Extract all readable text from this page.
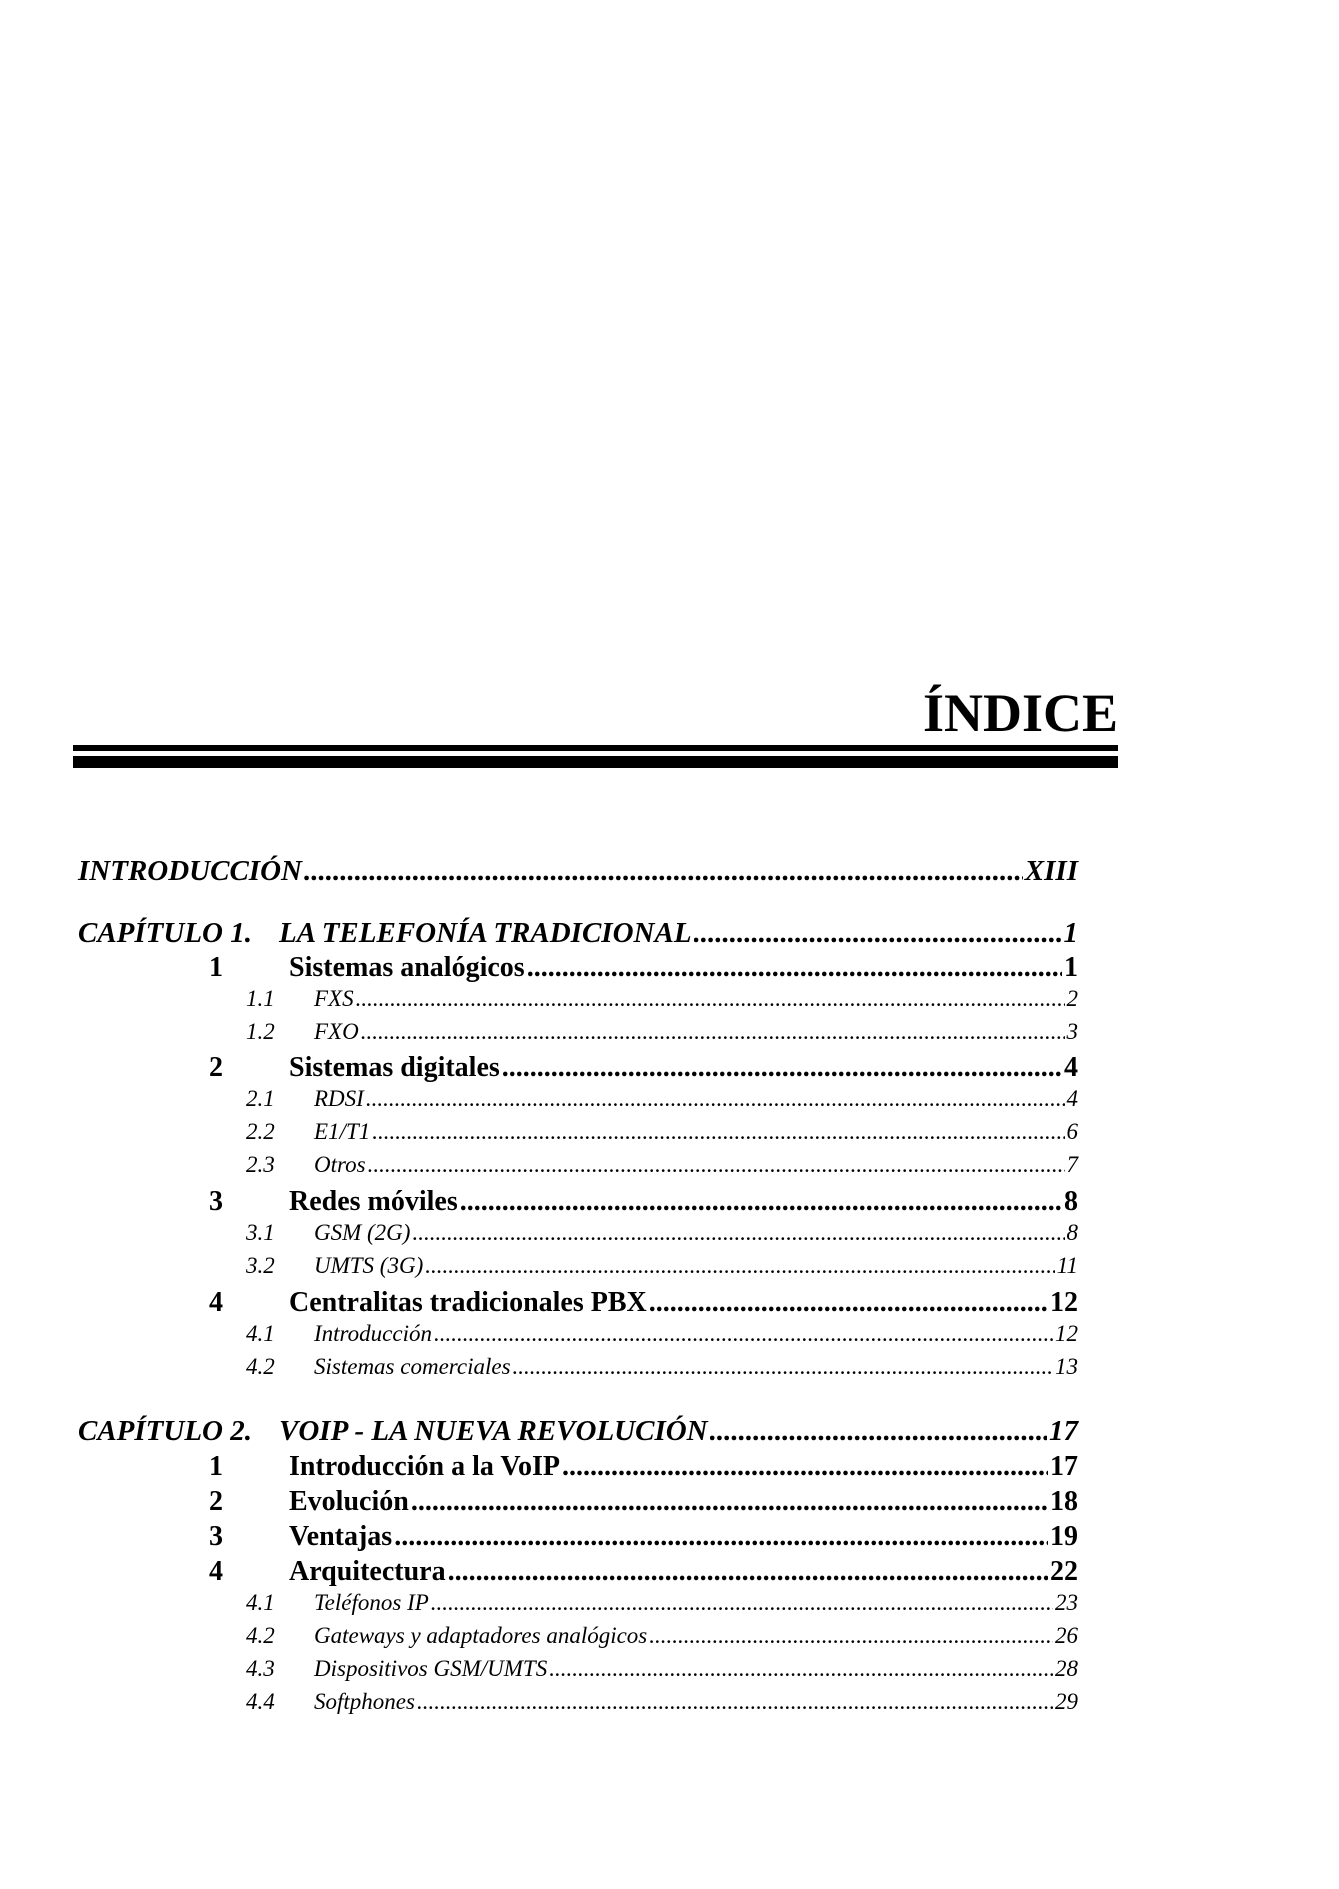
ÍNDICE
INTRODUCCIÓN .....	XIII
CAPÍTULO 1. LA TELEFONÍA TRADICIONAL .....	1
1	Sistemas analógicos .....	1
1.1	FXS .....	2
1.2	FXO .....	3
2	Sistemas digitales .....	4
2.1	RDSI .....	4
2.2	E1/T1 .....	6
2.3	Otros .....	7
3	Redes móviles .....	8
3.1	GSM (2G) .....	8
3.2	UMTS (3G) .....	11
4	Centralitas tradicionales PBX .....	12
4.1	Introducción .....	12
4.2	Sistemas comerciales .....	13
CAPÍTULO 2. VOIP - LA NUEVA REVOLUCIÓN .....	17
1	Introducción a la VoIP .....	17
2	Evolución .....	18
3	Ventajas .....	19
4	Arquitectura .....	22
4.1	Teléfonos IP .....	23
4.2	Gateways y adaptadores analógicos .....	26
4.3	Dispositivos GSM/UMTS .....	28
4.4	Softphones .....	29
